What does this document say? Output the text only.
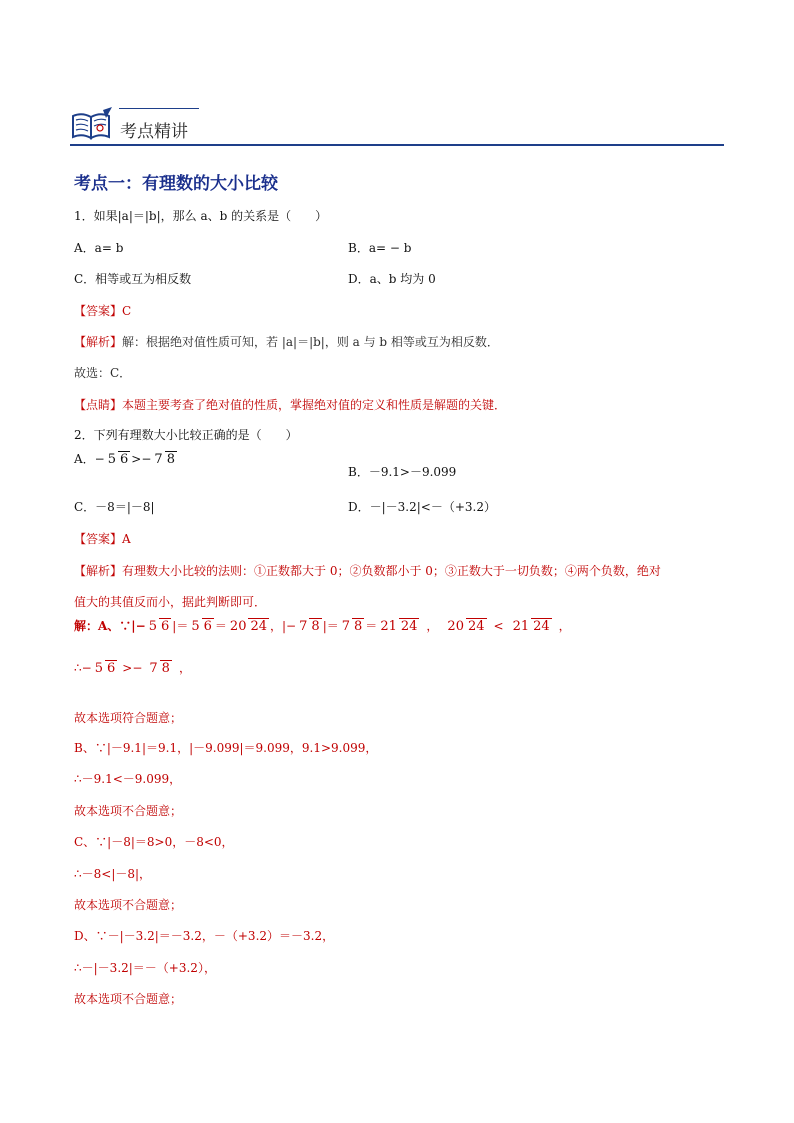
考点精讲
考点一：有理数的大小比较
1．如果|a|＝|b|，那么 a、b 的关系是（　　）
A．a= b	B．a= − b
C．相等或互为相反数	D．a、b 均为 0
【答案】C
【解析】解：根据绝对值性质可知，若 |a|＝|b|，则 a 与 b 相等或互为相反数．
故选：C．
【点睛】本题主要考查了绝对值的性质，掌握绝对值的定义和性质是解题的关键．
2．下列有理数大小比较正确的是（　　）
A． − 5 6 >− 7 8
B．－9.1>－9.099
C．－8＝|－8|	D．－|－3.2|<－（+3.2）
【答案】A
【解析】有理数大小比较的法则：①正数都大于 0；②负数都小于 0；③正数大于一切负数；④两个负数，绝对
值大的其值反而小，据此判断即可．
解：A、∵|− 5 6 |＝ 5 6 ＝ 20 24 ，|− 7 8 |＝ 7 8 ＝ 21 24 ， 20 24 < 21 24 ，
∴− 5 6 >− 7 8 ，
故本选项符合题意；
B、∵|－9.1|＝9.1，|－9.099|＝9.099，9.1>9.099，
∴－9.1<－9.099，
故本选项不合题意；
C、∵|－8|＝8>0，－8<0，
∴－8<|－8|，
故本选项不合题意；
D、∵－|－3.2|＝－3.2，－（+3.2）＝－3.2，
∴－|－3.2|＝－（+3.2），
故本选项不合题意；
